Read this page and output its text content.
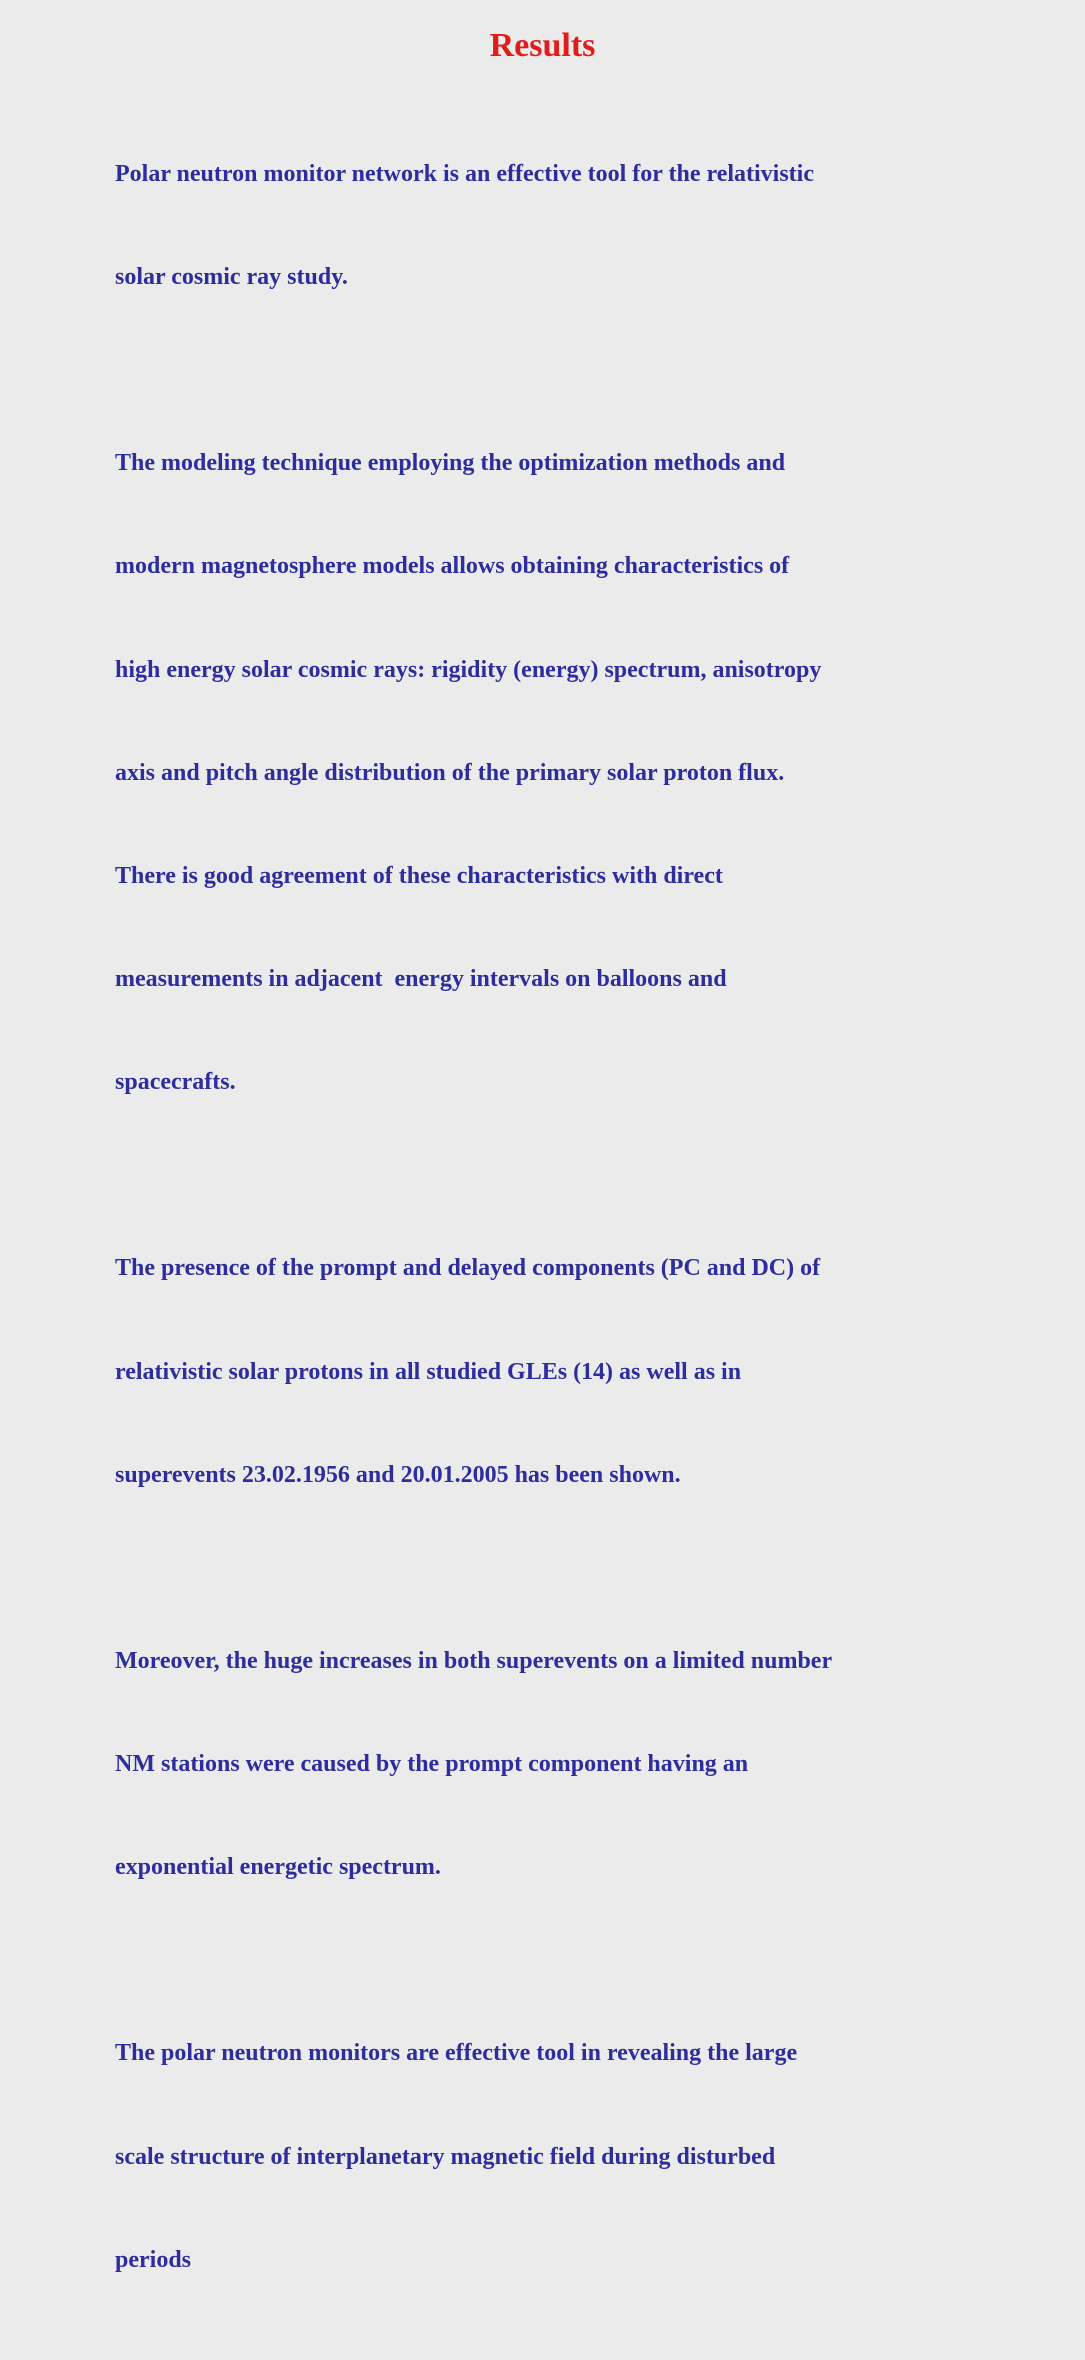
Results

Polar neutron monitor network is an effective tool for the relativistic

solar cosmic ray study.

The modeling technique employing the optimization methods and

modern magnetosphere models allows obtaining characteristics of

high energy solar cosmic rays: rigidity (energy) spectrum, anisotropy

axis and pitch angle distribution of the primary solar proton flux.

There is good agreement of these characteristics with direct

measurements in adjacent  energy intervals on balloons and

spacecrafts.

The presence of the prompt and delayed components (PC and DC) of

relativistic solar protons in all studied GLEs (14) as well as in

superevents 23.02.1956 and 20.01.2005 has been shown.

Moreover, the huge increases in both superevents on a limited number

NM stations were caused by the prompt component having an

exponential energetic spectrum.

The polar neutron monitors are effective tool in revealing the large

scale structure of interplanetary magnetic field during disturbed

periods
